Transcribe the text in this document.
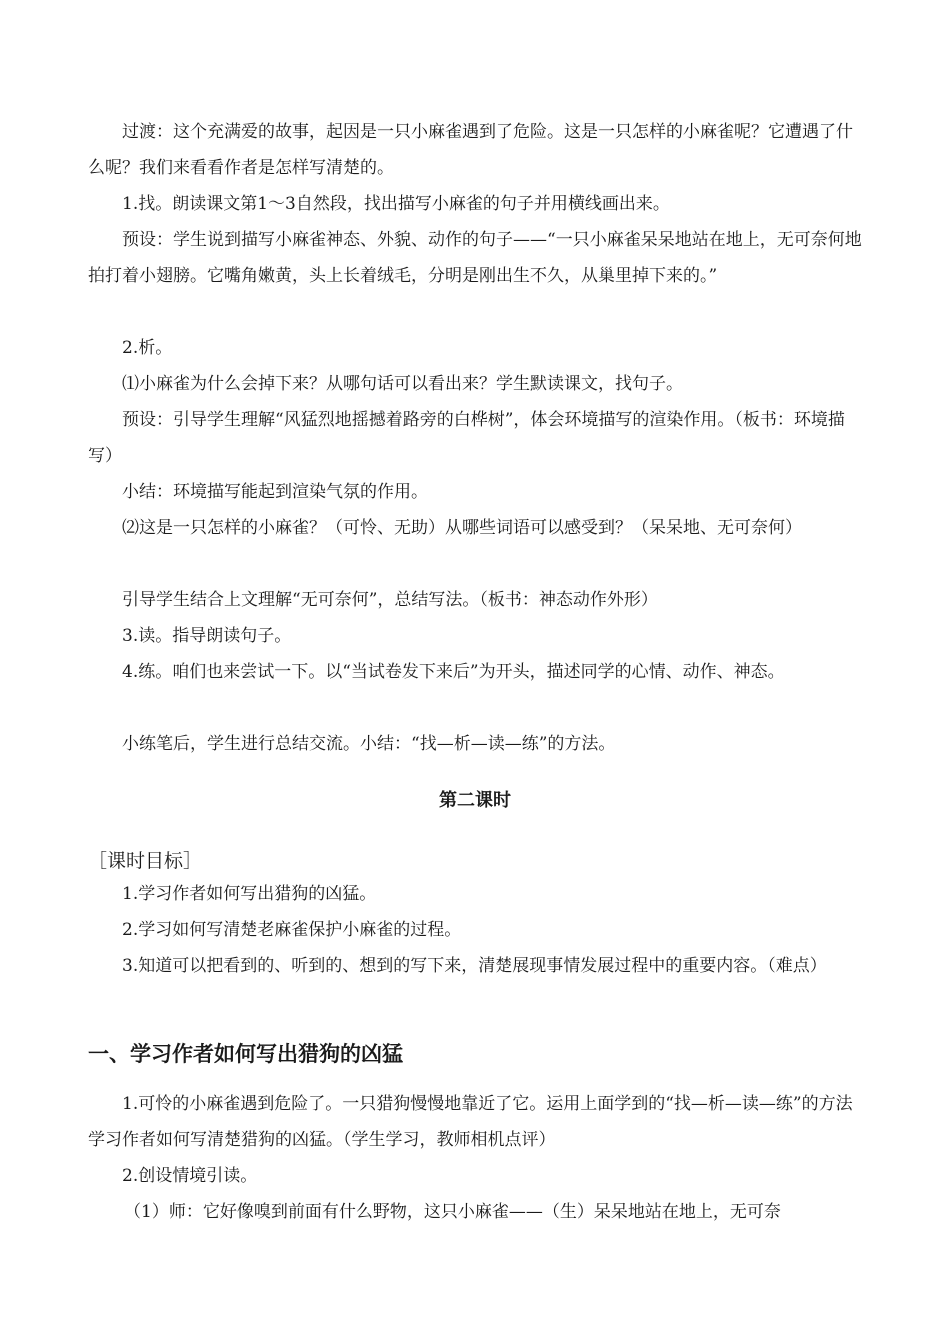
过渡：这个充满爱的故事，起因是一只小麻雀遇到了危险。这是一只怎样的小麻雀呢？它遭遇了什么呢？我们来看看作者是怎样写清楚的。

1.找。朗读课文第1～3自然段，找出描写小麻雀的句子并用横线画出来。

预设：学生说到描写小麻雀神态、外貌、动作的句子——“一只小麻雀呆呆地站在地上，无可奈何地拍打着小翅膀。它嘴角嫩黄，头上长着绒毛，分明是刚出生不久，从巢里掉下来的。”

2.析。

⑴小麻雀为什么会掉下来？从哪句话可以看出来？学生默读课文，找句子。

预设：引导学生理解“风猛烈地摇撼着路旁的白桦树”，体会环境描写的渲染作用。（板书：环境描写）

小结：环境描写能起到渲染气氛的作用。

⑵这是一只怎样的小麻雀？（可怜、无助）从哪些词语可以感受到？（呆呆地、无可奈何）

引导学生结合上文理解“无可奈何”，总结写法。（板书：神态动作外形）

3.读。指导朗读句子。

4.练。咱们也来尝试一下。以“当试卷发下来后”为开头，描述同学的心情、动作、神态。

小练笔后，学生进行总结交流。小结：“找—析—读—练”的方法。

第二课时

［课时目标］

1.学习作者如何写出猎狗的凶猛。

2.学习如何写清楚老麻雀保护小麻雀的过程。

3.知道可以把看到的、听到的、想到的写下来，清楚展现事情发展过程中的重要内容。（难点）

一、学习作者如何写出猎狗的凶猛

1.可怜的小麻雀遇到危险了。一只猎狗慢慢地靠近了它。运用上面学到的“找—析—读—练”的方法学习作者如何写清楚猎狗的凶猛。（学生学习，教师相机点评）

2.创设情境引读。

（1）师：它好像嗅到前面有什么野物，这只小麻雀——（生）呆呆地站在地上，无可奈
